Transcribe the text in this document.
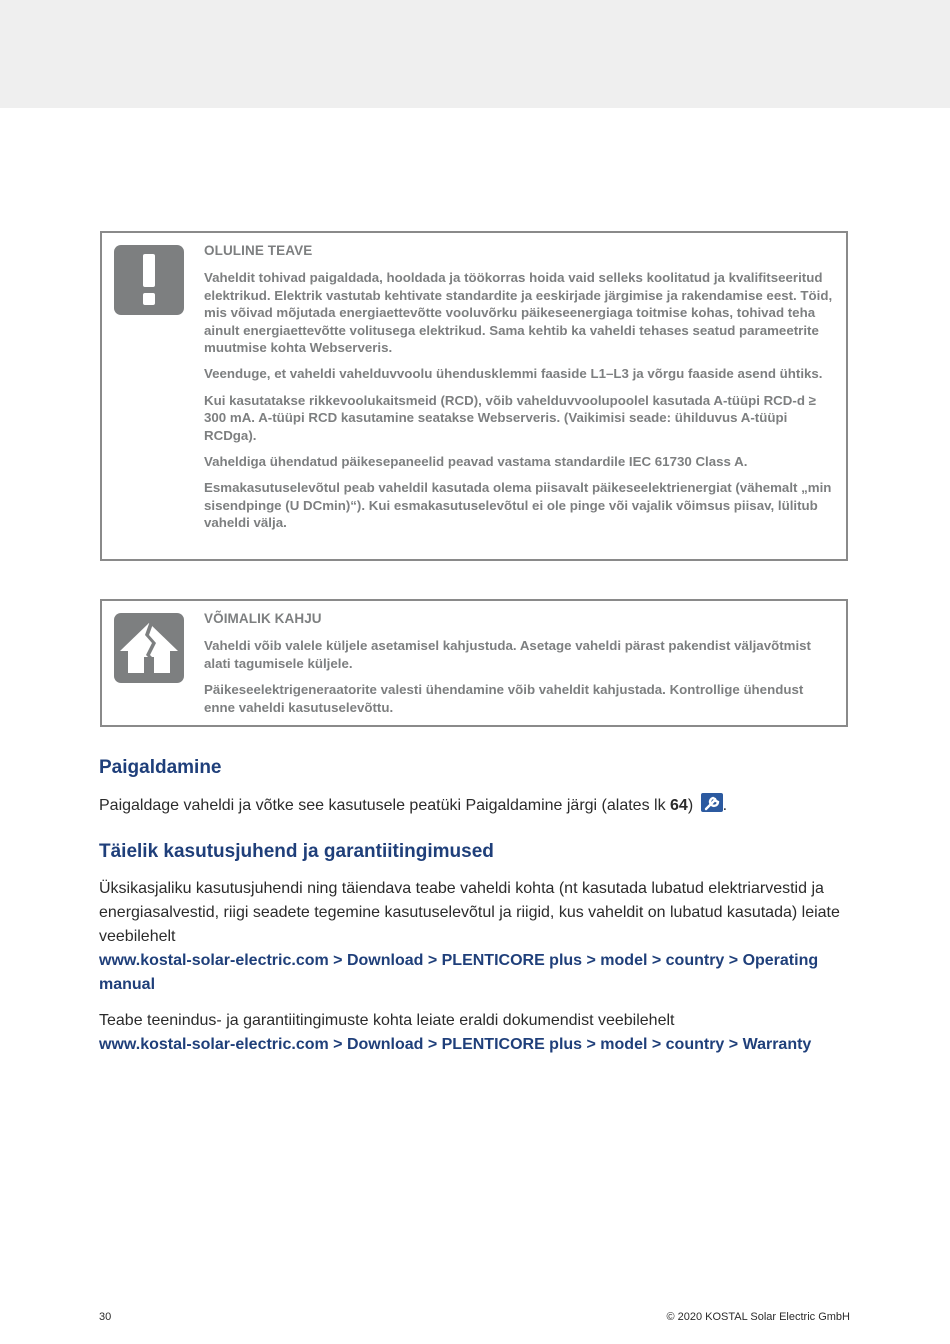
OLULINE TEAVE

Vaheldit tohivad paigaldada, hooldada ja töökorras hoida vaid selleks koolitatud ja kvalifitseeritud elektrikud. Elektrik vastutab kehtivate standardite ja eeskirjade järgimise ja rakendamise eest. Töid, mis võivad mõjutada energiaettevõtte vooluvõrku päikeseenergiaga toitmise kohas, tohivad teha ainult energiaettevõtte volitusega elektrikud. Sama kehtib ka vaheldi tehases seatud parameetrite muutmise kohta Webserveris.

Veenduge, et vaheldi vahelduvvoolu ühendusklemmi faaside L1–L3 ja võrgu faaside asend ühtiks.

Kui kasutatakse rikkevoolukaitsmeid (RCD), võib vahelduvvoolupoolel kasutada A-tüüpi RCD-d ≥ 300 mA. A-tüüpi RCD kasutamine seatakse Webserveris. (Vaikimisi seade: ühilduvus A-tüüpi RCDga).

Vaheldiga ühendatud päikesepaneelid peavad vastama standardile IEC 61730 Class A.

Esmakasutuselevõtul peab vaheldil kasutada olema piisavalt päikeseelektrienergiat (vähemalt „min sisendpinge (U DCmin)“). Kui esmakasutuselevõtul ei ole pinge või vajalik võimsus piisav, lülitub vaheldi välja.

VÕIMALIK KAHJU

Vaheldi võib valele küljele asetamisel kahjustuda. Asetage vaheldi pärast pakendist väljavõtmist alati tagumisele küljele.

Päikeseelektrigeneraatorite valesti ühendamine võib vaheldit kahjustada. Kontrollige ühendust enne vaheldi kasutuselevõttu.

Paigaldamine

Paigaldage vaheldi ja võtke see kasutusele peatüki Paigaldamine järgi (alates lk 64)
.

Täielik kasutusjuhend ja garantiitingimused

Üksikasjaliku kasutusjuhendi ning täiendava teabe vaheldi kohta (nt kasutada lubatud elektriarvestid ja energiasalvestid, riigi seadete tegemine kasutuselevõtul ja riigid, kus vaheldit on lubatud kasutada) leiate veebilehelt
www.kostal-solar-electric.com > Download > PLENTICORE plus > model > country > Operating manual

Teabe teenindus- ja garantiitingimuste kohta leiate eraldi dokumendist veebilehelt
www.kostal-solar-electric.com > Download > PLENTICORE plus > model > country > Warranty

30	© 2020 KOSTAL Solar Electric GmbH
